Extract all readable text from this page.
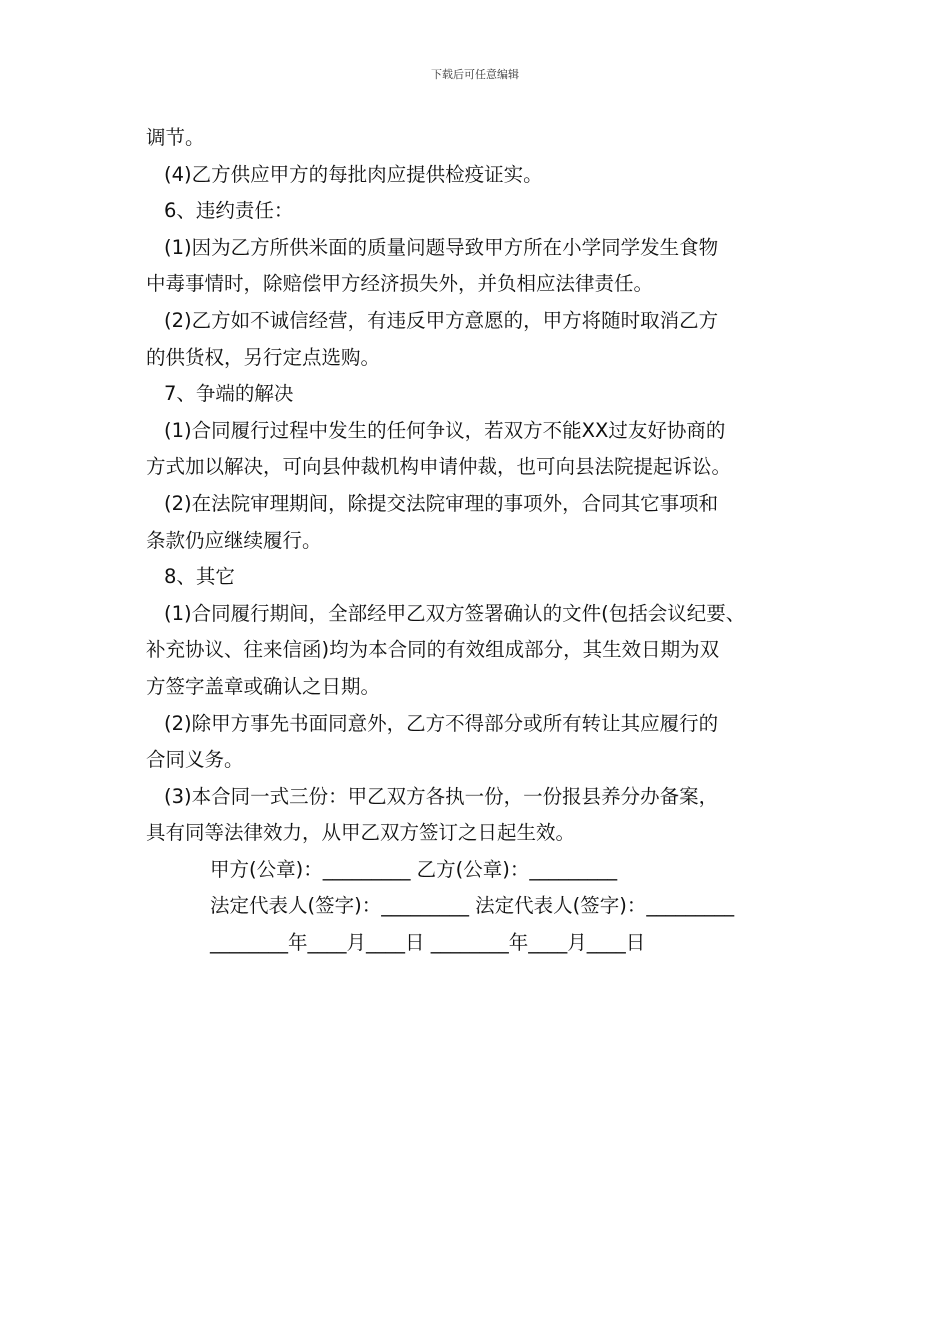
下载后可任意编辑
调节。
(4)乙方供应甲方的每批肉应提供检疫证实。
6、违约责任：
(1)因为乙方所供米面的质量问题导致甲方所在小学同学发生食物
中毒事情时，除赔偿甲方经济损失外，并负相应法律责任。
(2)乙方如不诚信经营，有违反甲方意愿的，甲方将随时取消乙方
的供货权，另行定点选购。
7、争端的解决
(1)合同履行过程中发生的任何争议，若双方不能XX过友好协商的
方式加以解决，可向县仲裁机构申请仲裁，也可向县法院提起诉讼。
(2)在法院审理期间，除提交法院审理的事项外，合同其它事项和
条款仍应继续履行。
8、其它
(1)合同履行期间，全部经甲乙双方签署确认的文件(包括会议纪要、
补充协议、往来信函)均为本合同的有效组成部分，其生效日期为双
方签字盖章或确认之日期。
(2)除甲方事先书面同意外，乙方不得部分或所有转让其应履行的
合同义务。
(3)本合同一式三份：甲乙双方各执一份，一份报县养分办备案，
具有同等法律效力，从甲乙双方签订之日起生效。
甲方(公章)：_________ 乙方(公章)：_________
法定代表人(签字)：_________ 法定代表人(签字)：_________
________年____月____日 ________年____月____日
